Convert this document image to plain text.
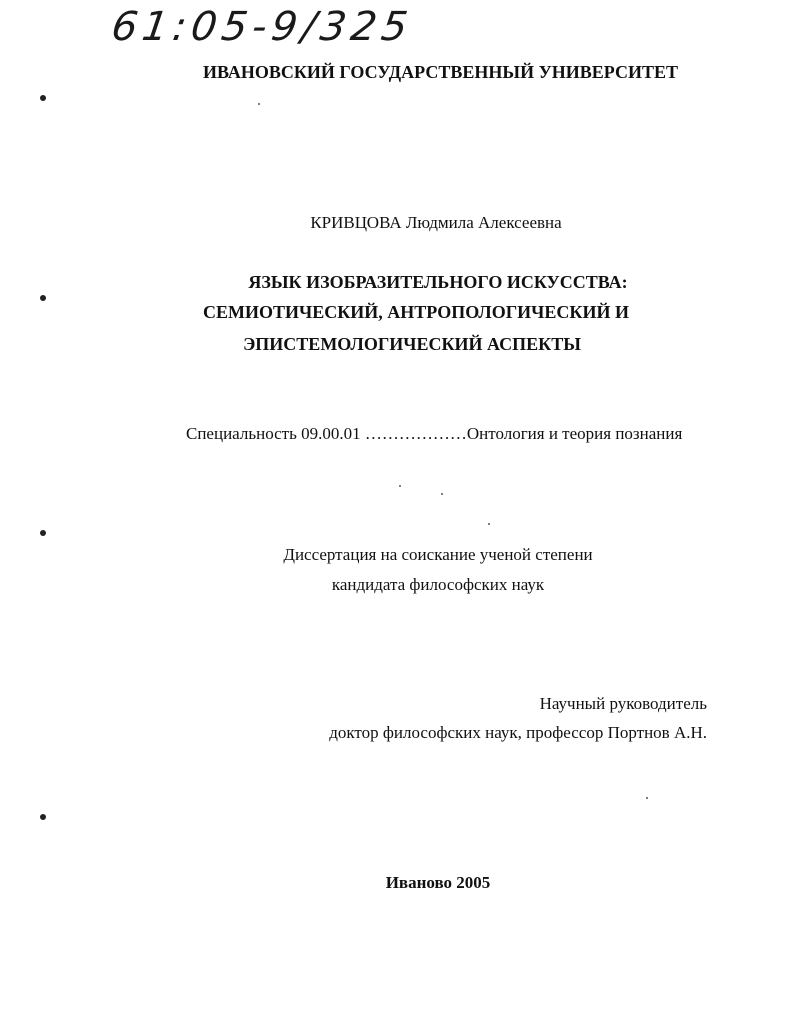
61:05-9/325
ИВАНОВСКИЙ ГОСУДАРСТВЕННЫЙ УНИВЕРСИТЕТ
КРИВЦОВА Людмила Алексеевна
ЯЗЫК ИЗОБРАЗИТЕЛЬНОГО ИСКУССТВА:
СЕМИОТИЧЕСКИЙ, АНТРОПОЛОГИЧЕСКИЙ И
ЭПИСТЕМОЛОГИЧЕСКИЙ АСПЕКТЫ
Специальность 09.00.01 ………………Онтология и теория познания
Диссертация на соискание ученой степени
кандидата философских наук
Научный руководитель
доктор философских наук, профессор Портнов А.Н.
Иваново 2005
